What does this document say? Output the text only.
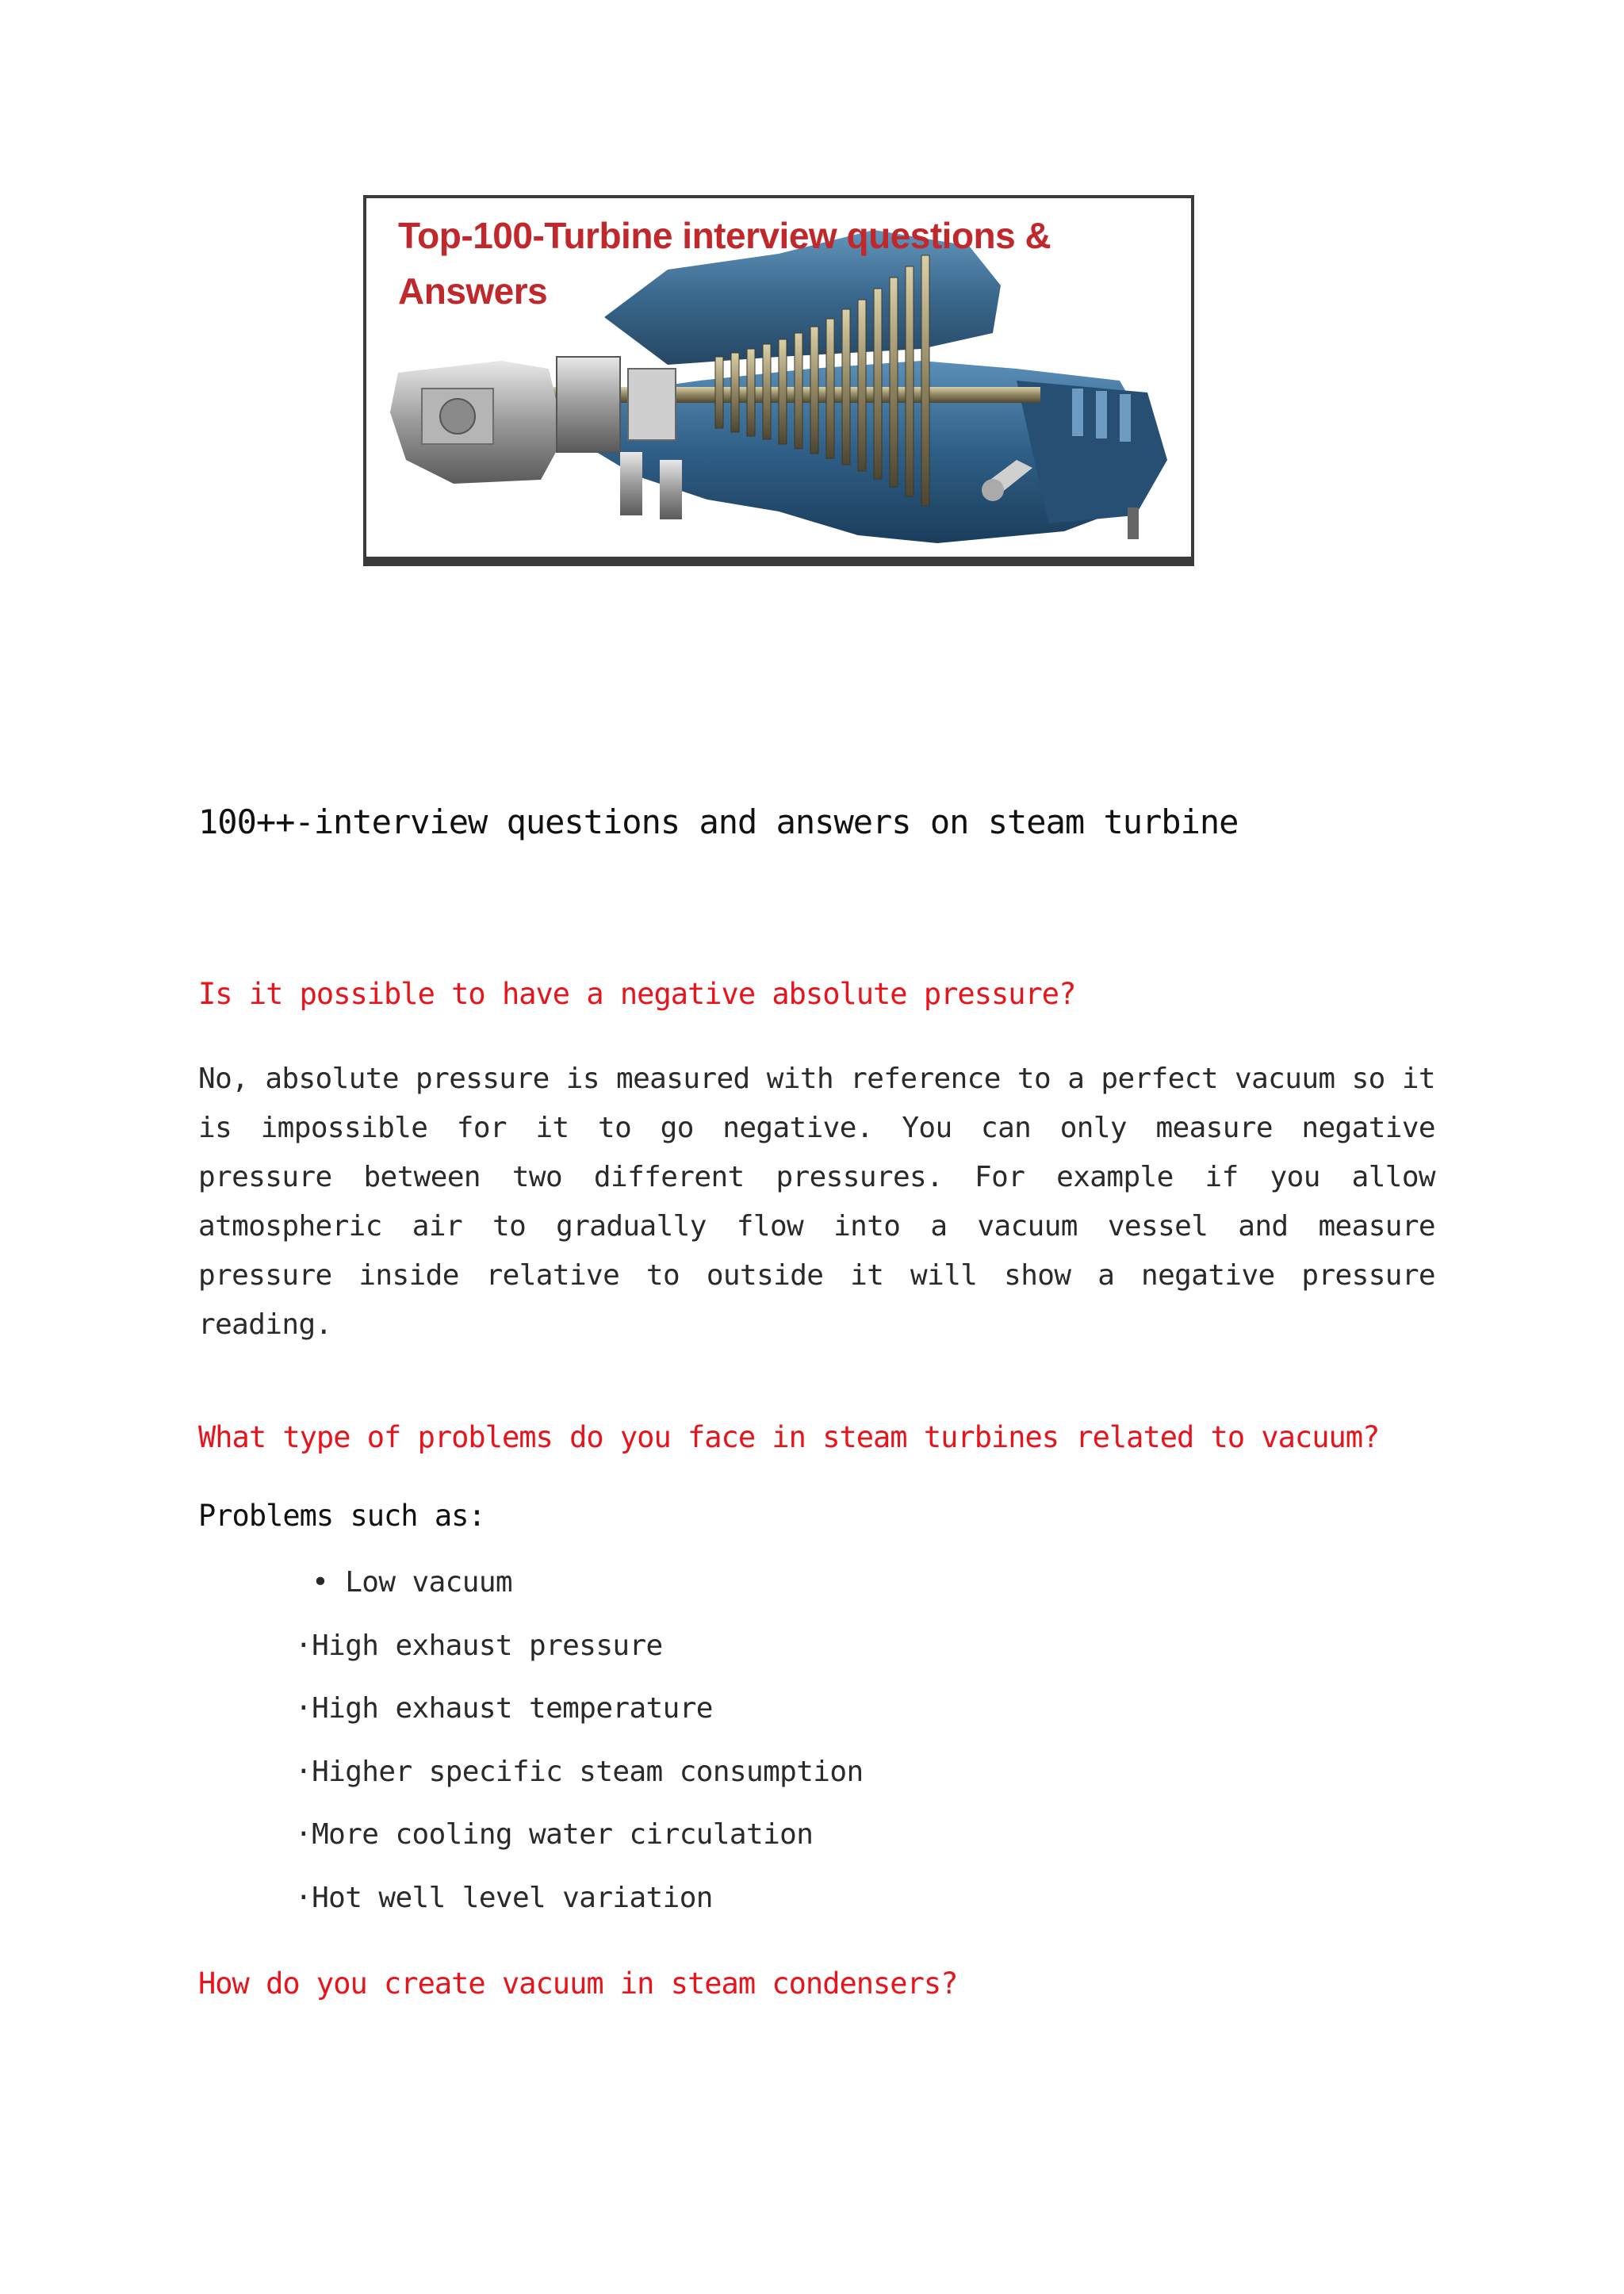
Top-100-Turbine interview questions &
Answers
100++-interview questions and answers on steam turbine
Is it possible to have a negative absolute pressure?

No, absolute pressure is measured with reference to a perfect vacuum so it is impossible for it to go negative. You can only measure negative pressure between two different pressures. For example if you allow atmospheric air to gradually flow into a vacuum vessel and measure pressure inside relative to outside it will show a negative pressure reading.

What type of problems do you face in steam turbines related to vacuum?

Problems such as:

• Low vacuum
·High exhaust pressure
·High exhaust temperature
·Higher specific steam consumption
·More cooling water circulation
·Hot well level variation
How do you create vacuum in steam condensers?
